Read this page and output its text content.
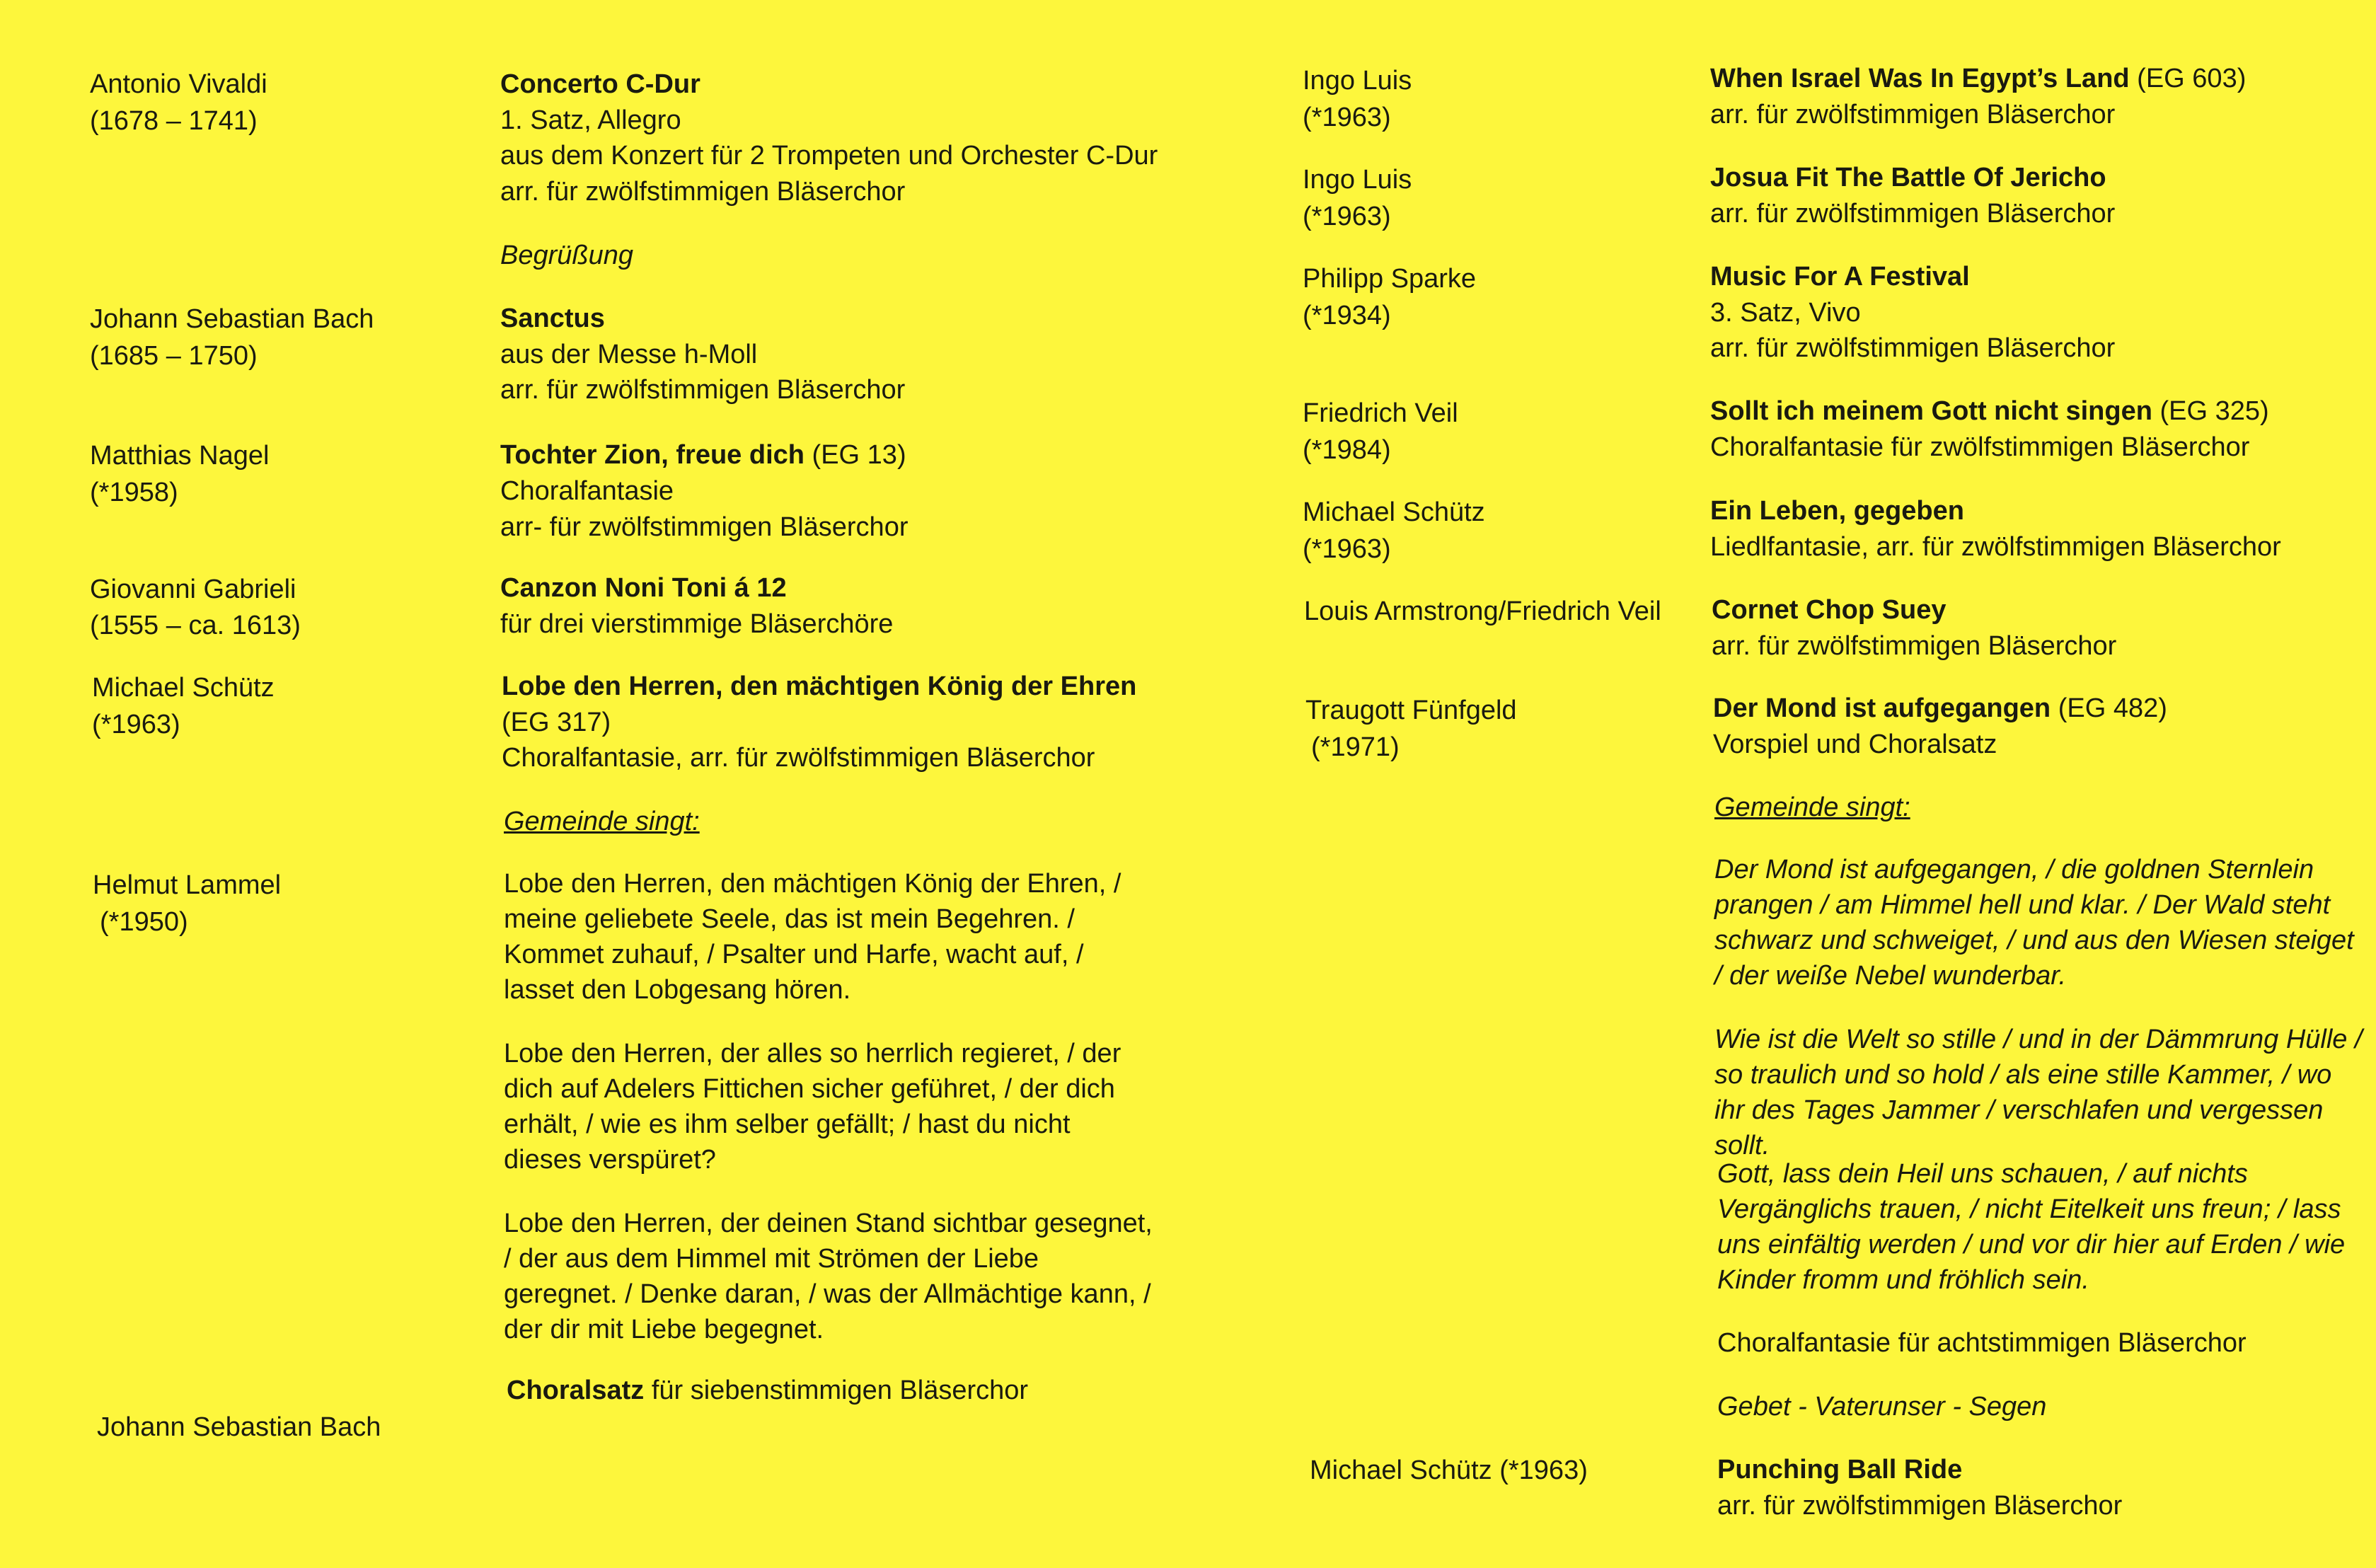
Antonio Vivaldi

(1678 – 1741)

Johann Sebastian Bach

(1685 – 1750)

Matthias Nagel

(*1958)

Giovanni Gabrieli

(1555 – ca. 1613)

Michael Schütz

(*1963)

Helmut Lammel

(*1950)

Johann Sebastian Bach

Concerto C-Dur

1. Satz, Allegro

aus dem Konzert für 2 Trompeten und Orchester C-Dur

arr. für zwölfstimmigen Bläserchor

Begrüßung

Sanctus

aus der Messe h-Moll

arr. für zwölfstimmigen Bläserchor

Tochter Zion, freue dich (EG 13)

Choralfantasie

arr- für zwölfstimmigen Bläserchor

Canzon Noni Toni á 12

für drei vierstimmige Bläserchöre

Lobe den Herren, den mächtigen König der Ehren

(EG 317)

Choralfantasie, arr. für zwölfstimmigen Bläserchor

Gemeinde singt:

Lobe den Herren, den mächtigen König der Ehren, / meine geliebete Seele, das ist mein Begehren. / Kommet zuhauf, / Psalter und Harfe, wacht auf, / lasset den Lobgesang hören.

Lobe den Herren, der alles so herrlich regieret, / der dich auf Adelers Fittichen sicher geführet, / der dich erhält, / wie es ihm selber gefällt; / hast du nicht dieses verspüret?

Lobe den Herren, der deinen Stand sichtbar gesegnet, / der aus dem Himmel mit Strömen der Liebe geregnet. / Denke daran, / was der Allmächtige kann, / der dir mit Liebe begegnet.

Choralsatz für siebenstimmigen Bläserchor

Ingo Luis

(*1963)

Ingo Luis

(*1963)

Philipp Sparke

(*1934)

Friedrich Veil

(*1984)

Michael Schütz

(*1963)

Louis Armstrong/Friedrich Veil

Traugott Fünfgeld

(*1971)

Michael Schütz (*1963)

When Israel Was In Egypt’s Land (EG 603)

arr. für zwölfstimmigen Bläserchor

Josua Fit The Battle Of Jericho

arr. für zwölfstimmigen Bläserchor

Music For A Festival

3. Satz, Vivo

arr. für zwölfstimmigen Bläserchor

Sollt ich meinem Gott nicht singen (EG 325)

Choralfantasie für zwölfstimmigen Bläserchor

Ein Leben, gegeben

Liedlfantasie, arr. für zwölfstimmigen Bläserchor

Cornet Chop Suey

arr. für zwölfstimmigen Bläserchor

Der Mond ist aufgegangen (EG 482)

Vorspiel und Choralsatz

Gemeinde singt:

Der Mond ist aufgegangen, / die goldnen Sternlein prangen / am Himmel hell und klar. / Der Wald steht schwarz und schweiget, / und aus den Wiesen steiget / der weiße Nebel wunderbar.

Wie ist die Welt so stille / und in der Dämmrung Hülle / so traulich und so hold / als eine stille Kammer, / wo ihr des Tages Jammer / verschlafen und vergessen sollt.

Gott, lass dein Heil uns schauen, / auf nichts Vergänglichs trauen, / nicht Eitelkeit uns freun; / lass uns einfältig werden / und vor dir hier auf Erden / wie Kinder fromm und fröhlich sein.

Choralfantasie für achtstimmigen Bläserchor

Gebet - Vaterunser - Segen

Punching Ball Ride

arr. für zwölfstimmigen Bläserchor
